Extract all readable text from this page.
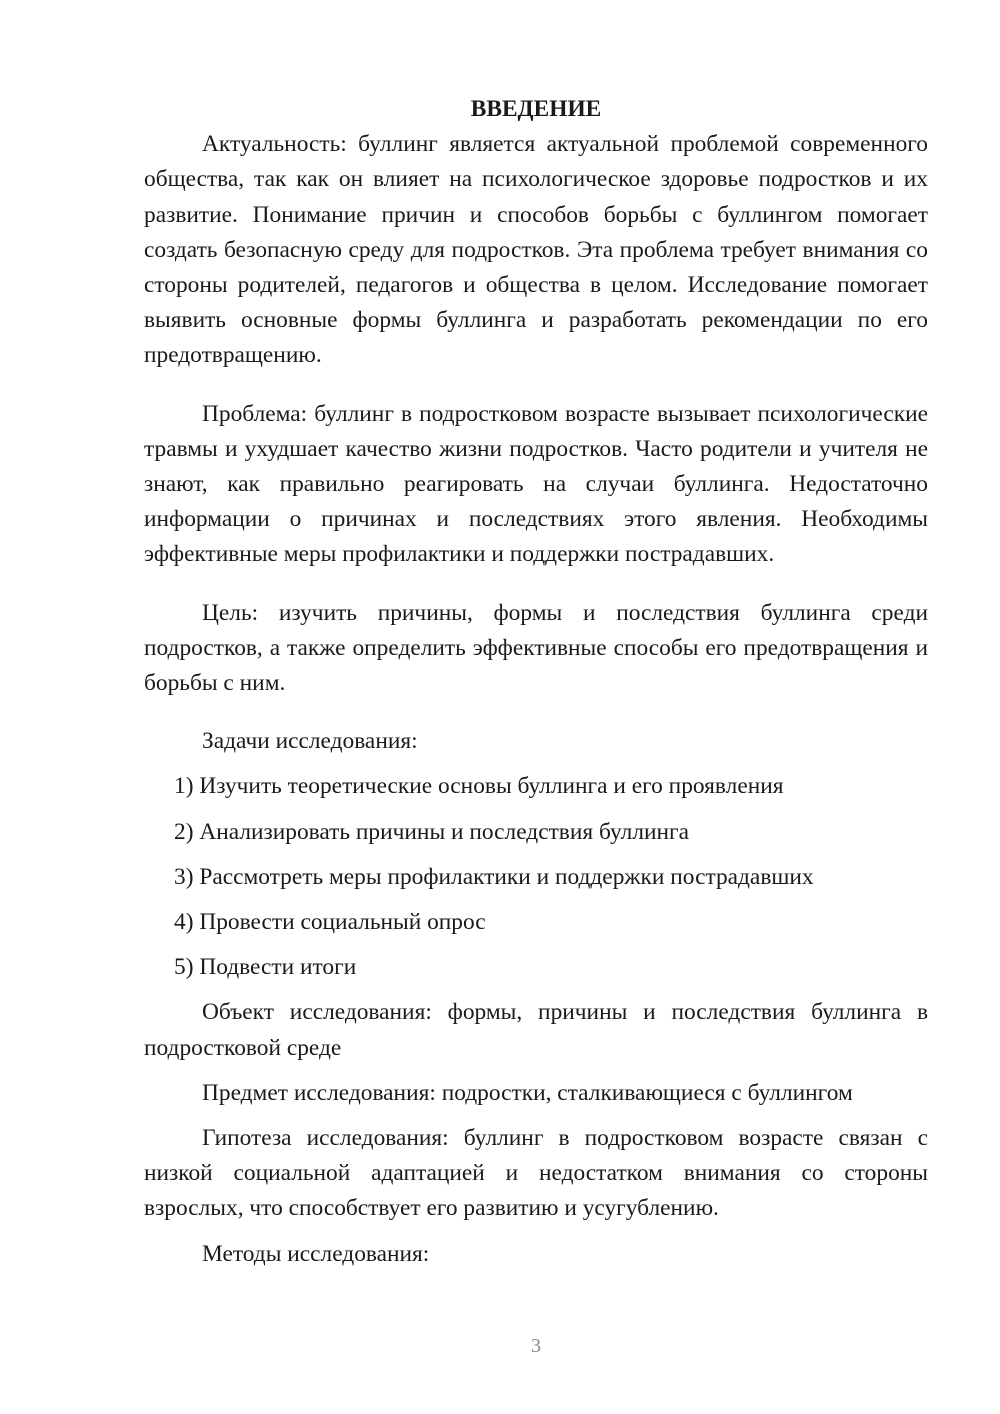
ВВЕДЕНИЕ

Актуальность: буллинг является актуальной проблемой современного общества, так как он влияет на психологическое здоровье подростков и их развитие. Понимание причин и способов борьбы с буллингом помогает создать безопасную среду для подростков. Эта проблема требует внимания со стороны родителей, педагогов и общества в целом. Исследование помогает выявить основные формы буллинга и разработать рекомендации по его предотвращению.

Проблема: буллинг в подростковом возрасте вызывает психологические травмы и ухудшает качество жизни подростков. Часто родители и учителя не знают, как правильно реагировать на случаи буллинга. Недостаточно информации о причинах и последствиях этого явления. Необходимы эффективные меры профилактики и поддержки пострадавших.

Цель: изучить причины, формы и последствия буллинга среди подростков, а также определить эффективные способы его предотвращения и борьбы с ним.

Задачи исследования:

1) Изучить теоретические основы буллинга и его проявления
2) Анализировать причины и последствия буллинга
3) Рассмотреть меры профилактики и поддержки пострадавших
4) Провести социальный опрос
5) Подвести итоги

Объект исследования: формы, причины и последствия буллинга в подростковой среде

Предмет исследования: подростки, сталкивающиеся с буллингом

Гипотеза исследования: буллинг в подростковом возрасте связан с низкой социальной адаптацией и недостатком внимания со стороны взрослых, что способствует его развитию и усугублению.

Методы исследования:

3
